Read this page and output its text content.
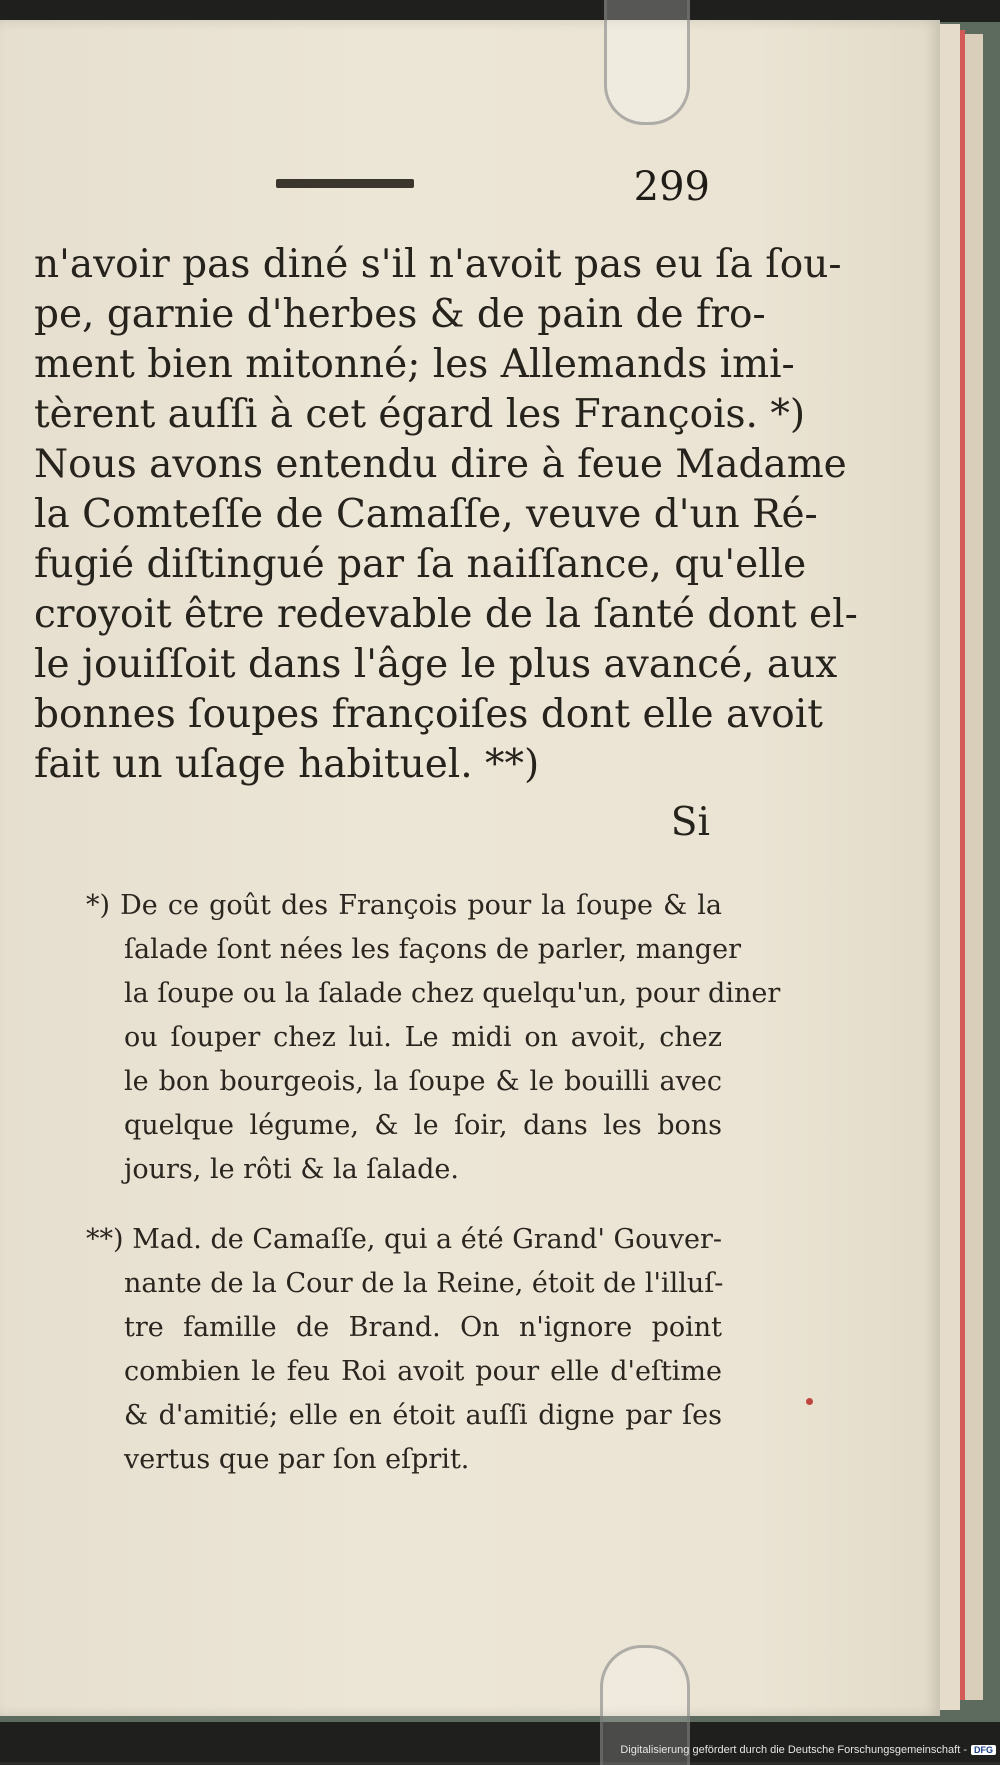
299
n'avoir pas diné s'il n'avoit pas eu ſa ſou-
pe, garnie d'herbes & de pain de fro-
ment bien mitonné; les Allemands imi-
tèrent auſſi à cet égard les François. *)
Nous avons entendu dire à feue Madame
la Comteſſe de Camaſſe, veuve d'un Ré-
fugié diſtingué par ſa naiſſance, qu'elle
croyoit être redevable de la ſanté dont el-
le jouiſſoit dans l'âge le plus avancé, aux
bonnes ſoupes françoiſes dont elle avoit
fait un uſage habituel. **)
Si
*) De ce goût des François pour la ſoupe & la
ſalade ſont nées les façons de parler, manger
la ſoupe ou la ſalade chez quelqu'un, pour diner
ou ſouper chez lui. Le midi on avoit, chez
le bon bourgeois, la ſoupe & le bouilli avec
quelque légume, & le ſoir, dans les bons
jours, le rôti & la ſalade.
**) Mad. de Camaſſe, qui a été Grand' Gouver-
nante de la Cour de la Reine, étoit de l'illuſ-
tre famille de Brand. On n'ignore point
combien le feu Roi avoit pour elle d'eſtime
& d'amitié; elle en étoit auſſi digne par ſes
vertus que par ſon eſprit.
Digitalisierung gefördert durch die Deutsche Forschungsgemeinschaft - DFG
